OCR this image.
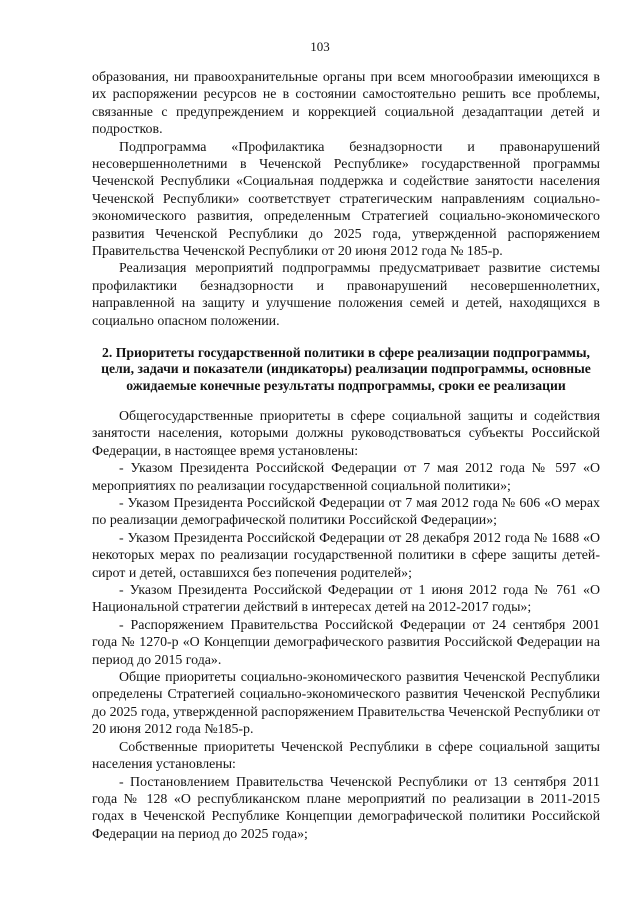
103

образования, ни правоохранительные органы при всем многообразии имеющихся в их распоряжении ресурсов не в состоянии самостоятельно решить все проблемы, связанные с предупреждением и коррекцией социальной дезадаптации детей и подростков.

Подпрограмма «Профилактика безнадзорности и правонарушений несовершеннолетними в Чеченской Республике» государственной программы Чеченской Республики «Социальная поддержка и содействие занятости населения Чеченской Республики» соответствует стратегическим направлениям социально-экономического развития, определенным Стратегией социально-экономического развития Чеченской Республики до 2025 года, утвержденной распоряжением Правительства Чеченской Республики от 20 июня 2012 года № 185-р.

Реализация мероприятий подпрограммы предусматривает развитие системы профилактики безнадзорности и правонарушений несовершеннолетних, направленной на защиту и улучшение положения семей и детей, находящихся в социально опасном положении.

2. Приоритеты государственной политики в сфере реализации подпрограммы, цели, задачи и показатели (индикаторы) реализации подпрограммы, основные ожидаемые конечные результаты подпрограммы, сроки ее реализации

Общегосударственные приоритеты в сфере социальной защиты и содействия занятости населения, которыми должны руководствоваться субъекты Российской Федерации, в настоящее время установлены:

- Указом Президента Российской Федерации от 7 мая 2012 года № 597 «О мероприятиях по реализации государственной социальной политики»;

- Указом Президента Российской Федерации от 7 мая 2012 года № 606 «О мерах по реализации демографической политики Российской Федерации»;

- Указом Президента Российской Федерации от 28 декабря 2012 года № 1688 «О некоторых мерах по реализации государственной политики в сфере защиты детей-сирот и детей, оставшихся без попечения родителей»;

- Указом Президента Российской Федерации от 1 июня 2012 года № 761 «О Национальной стратегии действий в интересах детей на 2012-2017 годы»;

- Распоряжением Правительства Российской Федерации от 24 сентября 2001 года № 1270-р «О Концепции демографического развития Российской Федерации на период до 2015 года».

Общие приоритеты социально-экономического развития Чеченской Республики определены Стратегией социально-экономического развития Чеченской Республики до 2025 года, утвержденной распоряжением Правительства Чеченской Республики от 20 июня 2012 года №185-р.

Собственные приоритеты Чеченской Республики в сфере социальной защиты населения установлены:

- Постановлением Правительства Чеченской Республики от 13 сентября 2011 года № 128 «О республиканском плане мероприятий по реализации в 2011-2015 годах в Чеченской Республике Концепции демографической политики Российской Федерации на период до 2025 года»;
